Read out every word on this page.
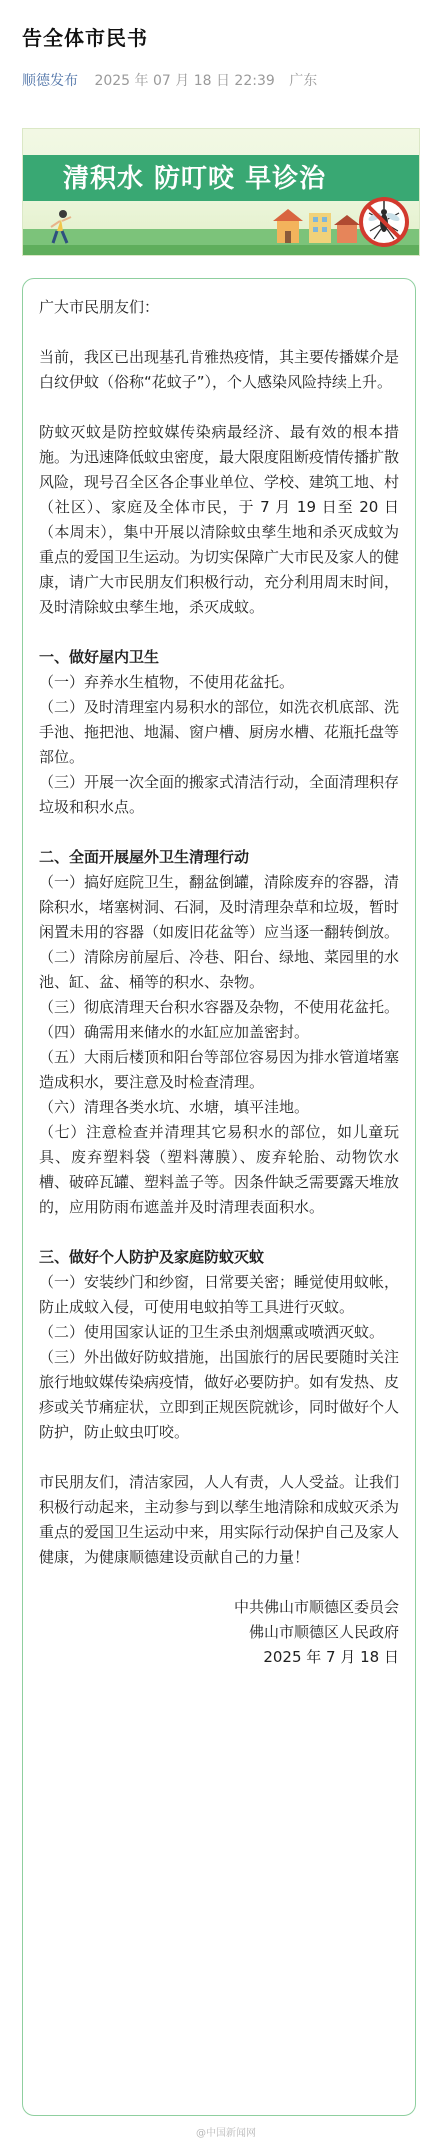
告全体市民书
顺德发布 2025 年 07 月 18 日 22:39 广东
清积水 防叮咬 早诊治

广大市民朋友们：

当前，我区已出现基孔肯雅热疫情，其主要传播媒介是白纹伊蚊（俗称“花蚊子”），个人感染风险持续上升。

防蚊灭蚊是防控蚊媒传染病最经济、最有效的根本措施。为迅速降低蚊虫密度，最大限度阻断疫情传播扩散风险，现号召全区各企事业单位、学校、建筑工地、村（社区）、家庭及全体市民，于 7 月 19 日至 20 日（本周末），集中开展以清除蚊虫孳生地和杀灭成蚊为重点的爱国卫生运动。为切实保障广大市民及家人的健康，请广大市民朋友们积极行动，充分利用周末时间，及时清除蚊虫孳生地，杀灭成蚊。

一、做好屋内卫生
（一）弃养水生植物，不使用花盆托。
（二）及时清理室内易积水的部位，如洗衣机底部、洗手池、拖把池、地漏、窗户槽、厨房水槽、花瓶托盘等部位。
（三）开展一次全面的搬家式清洁行动，全面清理积存垃圾和积水点。
二、全面开展屋外卫生清理行动
（一）搞好庭院卫生，翻盆倒罐，清除废弃的容器，清除积水，堵塞树洞、石洞，及时清理杂草和垃圾，暂时闲置未用的容器（如废旧花盆等）应当逐一翻转倒放。
（二）清除房前屋后、冷巷、阳台、绿地、菜园里的水池、缸、盆、桶等的积水、杂物。
（三）彻底清理天台积水容器及杂物，不使用花盆托。
（四）确需用来储水的水缸应加盖密封。
（五）大雨后楼顶和阳台等部位容易因为排水管道堵塞造成积水，要注意及时检查清理。
（六）清理各类水坑、水塘，填平洼地。
（七）注意检查并清理其它易积水的部位，如儿童玩具、废弃塑料袋（塑料薄膜）、废弃轮胎、动物饮水槽、破碎瓦罐、塑料盖子等。因条件缺乏需要露天堆放的，应用防雨布遮盖并及时清理表面积水。
三、做好个人防护及家庭防蚊灭蚊
（一）安装纱门和纱窗，日常要关密；睡觉使用蚊帐，防止成蚊入侵，可使用电蚊拍等工具进行灭蚊。
（二）使用国家认证的卫生杀虫剂烟熏或喷洒灭蚊。
（三）外出做好防蚊措施，出国旅行的居民要随时关注旅行地蚊媒传染病疫情，做好必要防护。如有发热、皮疹或关节痛症状，立即到正规医院就诊，同时做好个人防护，防止蚊虫叮咬。

市民朋友们，清洁家园，人人有责，人人受益。让我们积极行动起来，主动参与到以孳生地清除和成蚊灭杀为重点的爱国卫生运动中来，用实际行动保护自己及家人健康，为健康顺德建设贡献自己的力量！

中共佛山市顺德区委员会
佛山市顺德区人民政府
2025 年 7 月 18 日
@中国新闻网
